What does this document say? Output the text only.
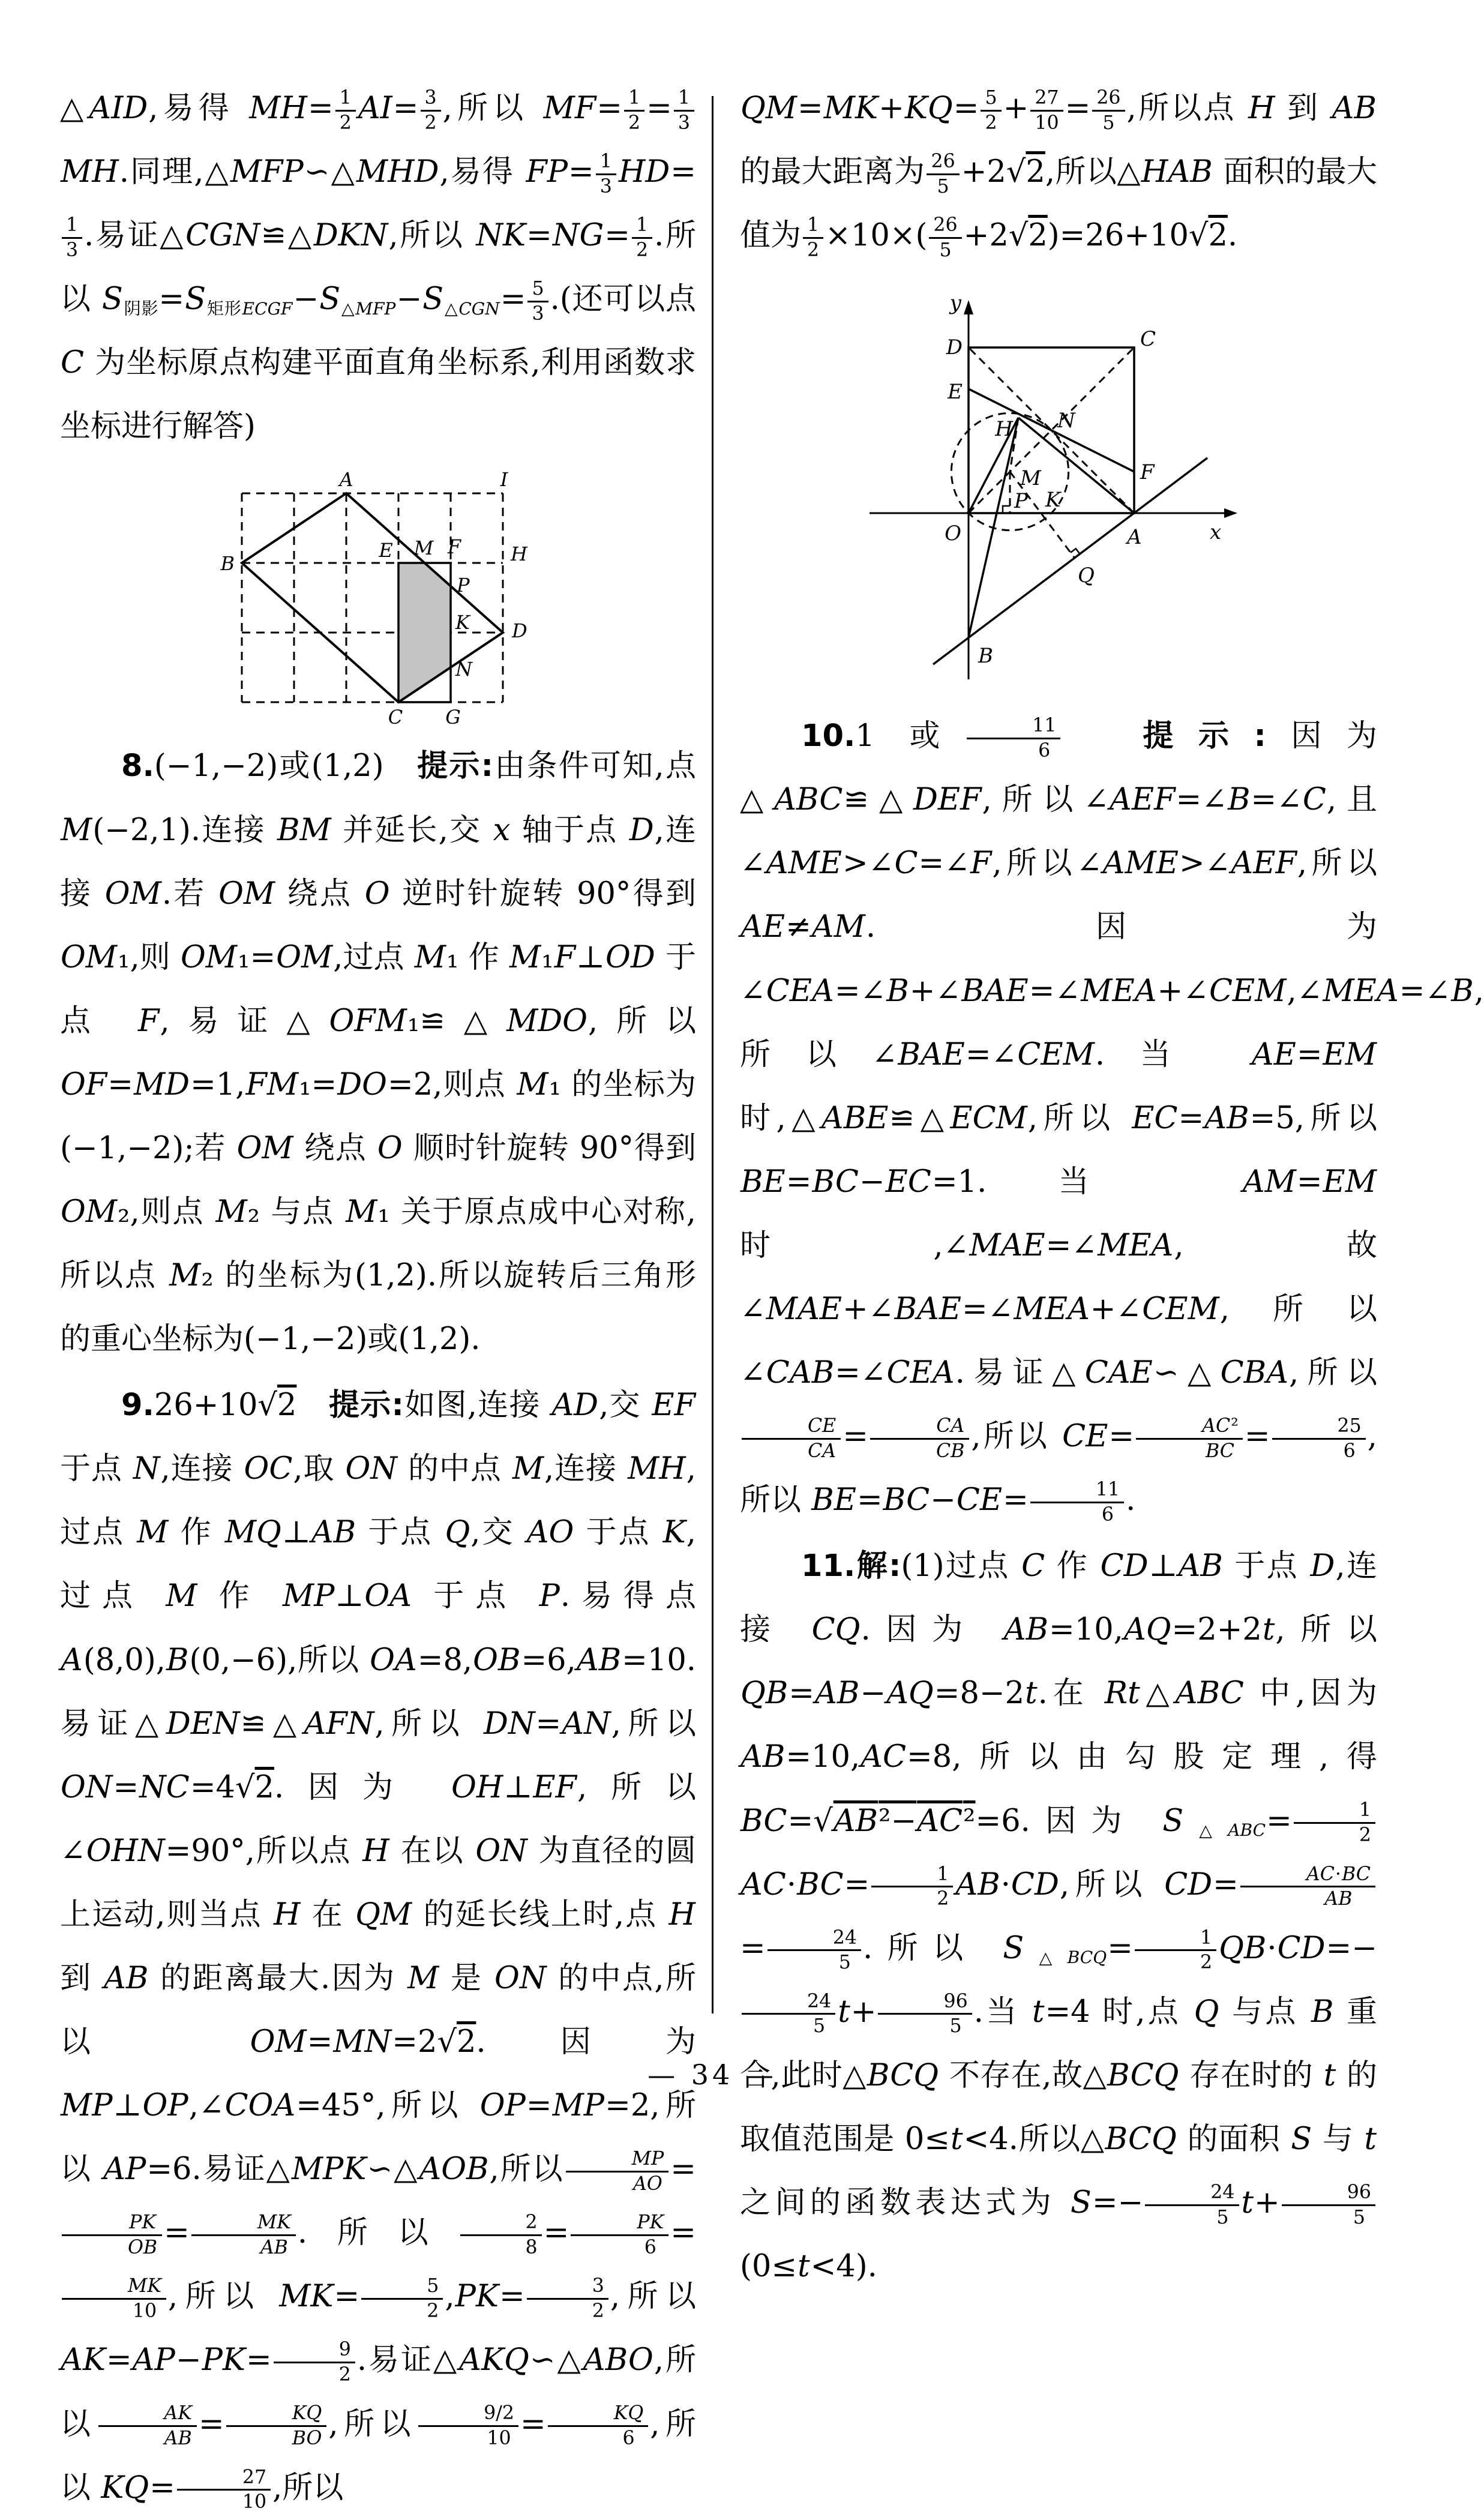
△AID,易得 $MH= \frac{1}{2} AI= \frac{3}{2}$ ,所以 $MF= \frac{1}{2} = \frac{1}{3}$
MH.同理,△MFP∽△MHD,易得 $FP= \frac{1}{3} HD=$
$\frac{1}{3}$ .易证△CGN≌△DKN,所以 $NK=NG= \frac{1}{2}$ .所以 $S_{阴影}=S_{矩形ECGF}-S_{\triangle MFP}-S_{\triangle CGN}= \frac{5}{3}$ .(还可以点 C 为坐标原点构建平面直角坐标系,利用函数求坐标进行解答)

A	I
B
E M F	H
P
K D
N
C G

8.(−1,−2)或(1,2)　提示:由条件可知,点 M(−2,1).连接 BM 并延长,交 x 轴于点 D,连接 OM.若 OM 绕点 O 逆时针旋转 90°得到 OM₁,则 OM₁=OM,过点 M₁ 作 M₁F⊥OD 于点 F,易证△OFM₁≌△MDO,所以 OF=MD=1,FM₁=DO=2,则点 M₁ 的坐标为(−1,−2);若 OM 绕点 O 顺时针旋转 90°得到 OM₂,则点 M₂ 与点 M₁ 关于原点成中心对称,所以点 M₂ 的坐标为(1,2).所以旋转后三角形的重心坐标为(−1,−2)或(1,2).

9.26+10√2　 提示:如图,连接 AD,交 EF 于点 N,连接 OC,取 ON 的中点 M,连接 MH,过点 M 作 MQ⊥AB 于点 Q,交 AO 于点 K,过点 M 作 MP⊥OA 于点 P.易得点 A(8,0),B(0,−6),所以 OA=8,OB=6,AB=10.易证△DEN≌△AFN,所以 DN=AN,所以 ON=NC=4√2.因为 OH⊥EF,所以∠OHN=90°,所以点 H 在以 ON 为直径的圆上运动,则当点 H 在 QM 的延长线上时,点 H 到 AB 的距离最大.因为 M 是 ON 的中点,所以 OM=MN=2√2.因为 MP⊥OP,∠COA=45°,所以 OP=MP=2,所以 AP=6.易证△MPK∽△AOB,所以 $\frac{MP}{AO}$ =
$\frac{PK}{OB} = \frac{MK}{AB}$ .所以 $\frac{2}{8} = \frac{PK}{6}$ =
$\frac{MK}{10}$ ,所以 $MK= \frac{5}{2} ,PK= \frac{3}{2}$ ,所以 $AK=AP-PK= \frac{9}{2}$ .易证△AKQ∽△ABO,所以 $\frac{AK}{AB} = \frac{KQ}{BO}$ ,所以 $\frac{9/2}{10} = \frac{KQ}{6}$ ,所以 $KQ= \frac{27}{10}$ ,所以

$QM=MK+KQ= \frac{5}{2} + \frac{27}{10} = \frac{26}{5}$ ,所以点 H 到 AB 的最大距离为 $\frac{26}{5} +2√2$,所以△HAB 面积的最大值为 $\frac{1}{2} \times 10\times( \frac{26}{5} +2√2)=26+10√2$.

y
x
O
D	C
E
H N
M
P K
F
A
Q
B

10.1 或 $\frac{11}{6}$
　	提示:因为△ABC≌△DEF,所以∠AEF=∠B=∠C,且∠AME>∠C=∠F,所以∠AME>∠AEF,所以 AE≠AM.因为∠CEA=∠B+∠BAE=∠MEA+∠CEM,∠MEA=∠B,所以∠BAE=∠CEM.当 AE=EM 时,△ABE≌△ECM,所以 EC=AB=5,所以 BE=BC−EC=1.当 AM=EM 时,∠MAE=∠MEA,故∠MAE+∠BAE=∠MEA+∠CEM,所以∠CAB=∠CEA.易证△CAE∽△CBA,所以
$\frac{CE}{CA} = \frac{CA}{CB}$ ,所以 $CE= \frac{\text{AC²}}{BC} = \frac{25}{6}$ ,所以 $BE=BC-CE= \frac{11}{6}$ .

11.解:(1)过点 C 作 CD⊥AB 于点 D,连接 CQ.因为 AB=10,AQ=2+2t,所以 QB=AB−AQ=8−2t.在 Rt△ABC 中,因为 AB=10,AC=8,所以由勾股定理,得 BC=√AB²−AC²=6.因为 $S_{\triangle ABC}= \frac{1}{2}$
$AC\cdot BC= \frac{1}{2} AB\cdot CD$,所以 $CD= \frac{AC\cdot BC}{AB}$
= $\frac{24}{5}$ .所以 $S_{\triangle BCQ}= \frac{1}{2} QB\cdot CD=-$
$\frac{24}{5} t+ \frac{96}{5}$ .当 t=4 时,点 Q 与点 B 重合,此时△BCQ 不存在,故△BCQ 存在时的 t 的取值范围是 0≤t<4.所以△BCQ 的面积 S 与 t 之间的函数表达式为 $S=- \frac{24}{5} t+ \frac{96}{5}$
(0≤t<4).

— 34 —
